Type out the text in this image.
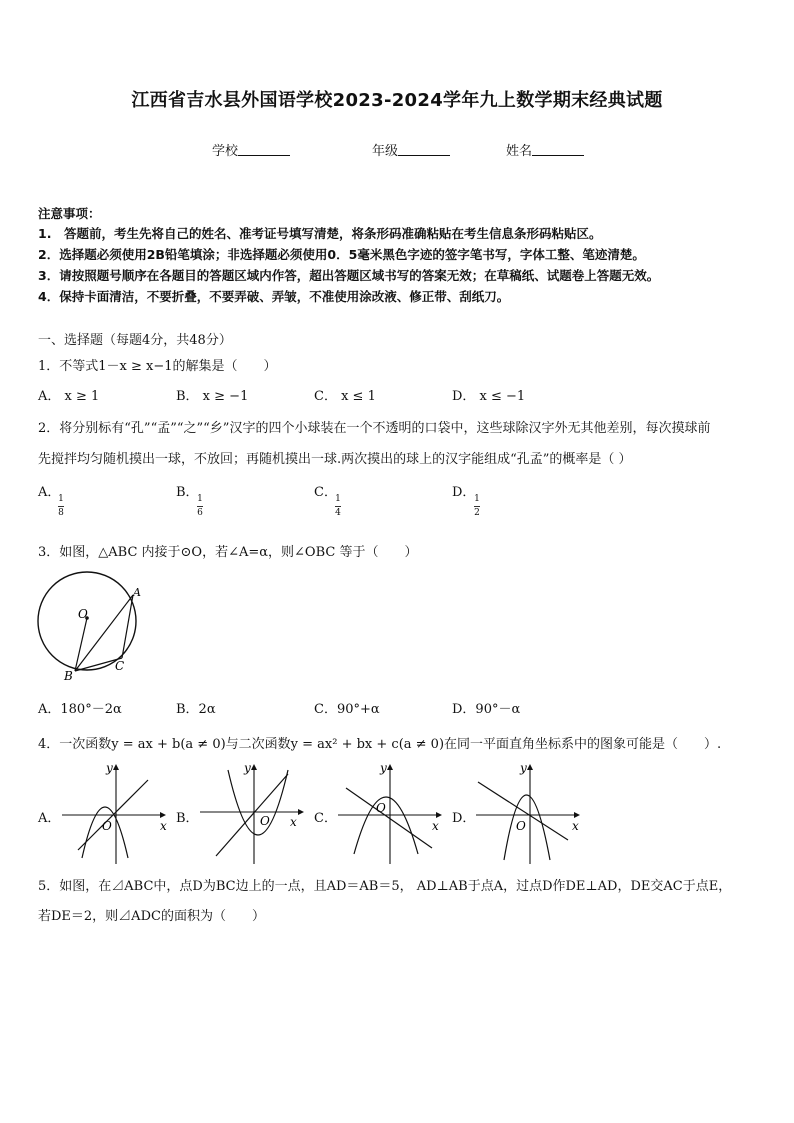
江西省吉水县外国语学校2023-2024学年九上数学期末经典试题
学校	年级	姓名
注意事项：
1.　答题前，考生先将自己的姓名、准考证号填写清楚，将条形码准确粘贴在考生信息条形码粘贴区。
2．选择题必须使用2B铅笔填涂；非选择题必须使用0．5毫米黑色字迹的签字笔书写，字体工整、笔迹清楚。
3．请按照题号顺序在各题目的答题区域内作答，超出答题区域书写的答案无效；在草稿纸、试题卷上答题无效。
4．保持卡面清洁，不要折叠，不要弄破、弄皱，不准使用涂改液、修正带、刮纸刀。
一、选择题（每题4分，共48分）
1．不等式1－x ≥ x−1的解集是（　　）
A． x ≥ 1	B． x ≥ −1	C． x ≤ 1	D． x ≤ −1
2．将分别标有“孔”“孟”“之”“乡”汉字的四个小球装在一个不透明的口袋中，这些球除汉字外无其他差别，每次摸球前
先搅拌均匀随机摸出一球，不放回；再随机摸出一球.两次摸出的球上的汉字能组成“孔孟”的概率是（ ）
A．
1
8
B．
1
6
C．
1
4
D．
1
2
3．如图，△ABC 内接于⊙O，若∠A=α，则∠OBC 等于（　　）
O
A
B
C
A．180°－2α	B．2α	C．90°+α	D．90°－α
4．一次函数y = ax + b(a ≠ 0)与二次函数y = ax² + bx + c(a ≠ 0)在同一平面直角坐标系中的图象可能是（　　）.
A．	B．	C．	D．
x
y
O	x
y
O	x
y
O
x
y
O
5．如图，在⊿ABC中，点D为BC边上的一点，且AD＝AB＝5， AD⊥AB于点A，过点D作DE⊥AD，DE交AC于点E，
若DE＝2，则⊿ADC的面积为（　　）
